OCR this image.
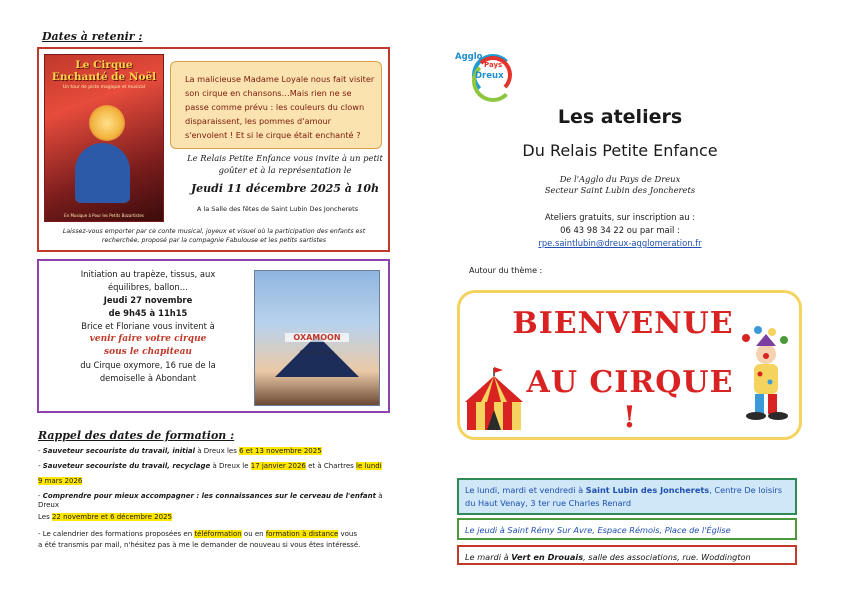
Dates à retenir :
Le Cirque Enchanté de Noël
Un tour de piste magique et musical
En Musique à Pour les Petits Bazartistes
La malicieuse Madame Loyale nous fait visiter son cirque en chansons…Mais rien ne se passe comme prévu : les couleurs du clown disparaissent, les pommes d'amour s'envolent ! Et si le cirque était enchanté ?
Le Relais Petite Enfance vous invite à un petit goûter et à la représentation le
Jeudi 11 décembre 2025 à 10h
A la Salle des fêtes de Saint Lubin Des Joncherets
Laissez-vous emporter par ce conte musical, joyeux et visuel où la participation des enfants est recherchée, proposé par la compagnie Fabulouse et les petits sartistes
Initiation au trapèze, tissus, aux
équilibres, ballon…
Jeudi 27 novembre
de 9h45 à 11h15
Brice et Floriane vous invitent à
venir faire votre cirque
sous le chapiteau
du Cirque oxymore, 16 rue de la
demoiselle à Abondant
OXAMOON
École de cirque
Rappel des dates de formation :
- Sauveteur secouriste du travail, initial à Dreux les 6 et 13 novembre 2025
- Sauveteur secouriste du travail, recyclage à Dreux le 17 janvier 2026 et à Chartres le lundi
9 mars 2026
- Comprendre pour mieux accompagner : les connaissances sur le cerveau de l'enfant à
Dreux
Les 22 novembre et 6 décembre 2025
- Le calendrier des formations proposées en téléformation ou en formation à distance vous
a été transmis par mail, n'hésitez pas à me le demander de nouveau si vous êtes intéressé.
Agglo
Pays
Dreux
Les ateliers
Du Relais Petite Enfance
De l'Agglo du Pays de Dreux
Secteur Saint Lubin des Joncherets
Ateliers gratuits, sur inscription au :
06 43 98 34 22 ou par mail :
rpe.saintlubin@dreux-agglomeration.fr
Autour du thème :
BIENVENUE
AU CIRQUE !
Le lundi, mardi et vendredi à Saint Lubin des Joncherets, Centre De loisirs du Haut Venay, 3 ter rue Charles Renard
Le jeudi à Saint Rémy Sur Avre, Espace Rémois, Place de l'Église
Le mardi à Vert en Drouais, salle des associations, rue. Woddington
